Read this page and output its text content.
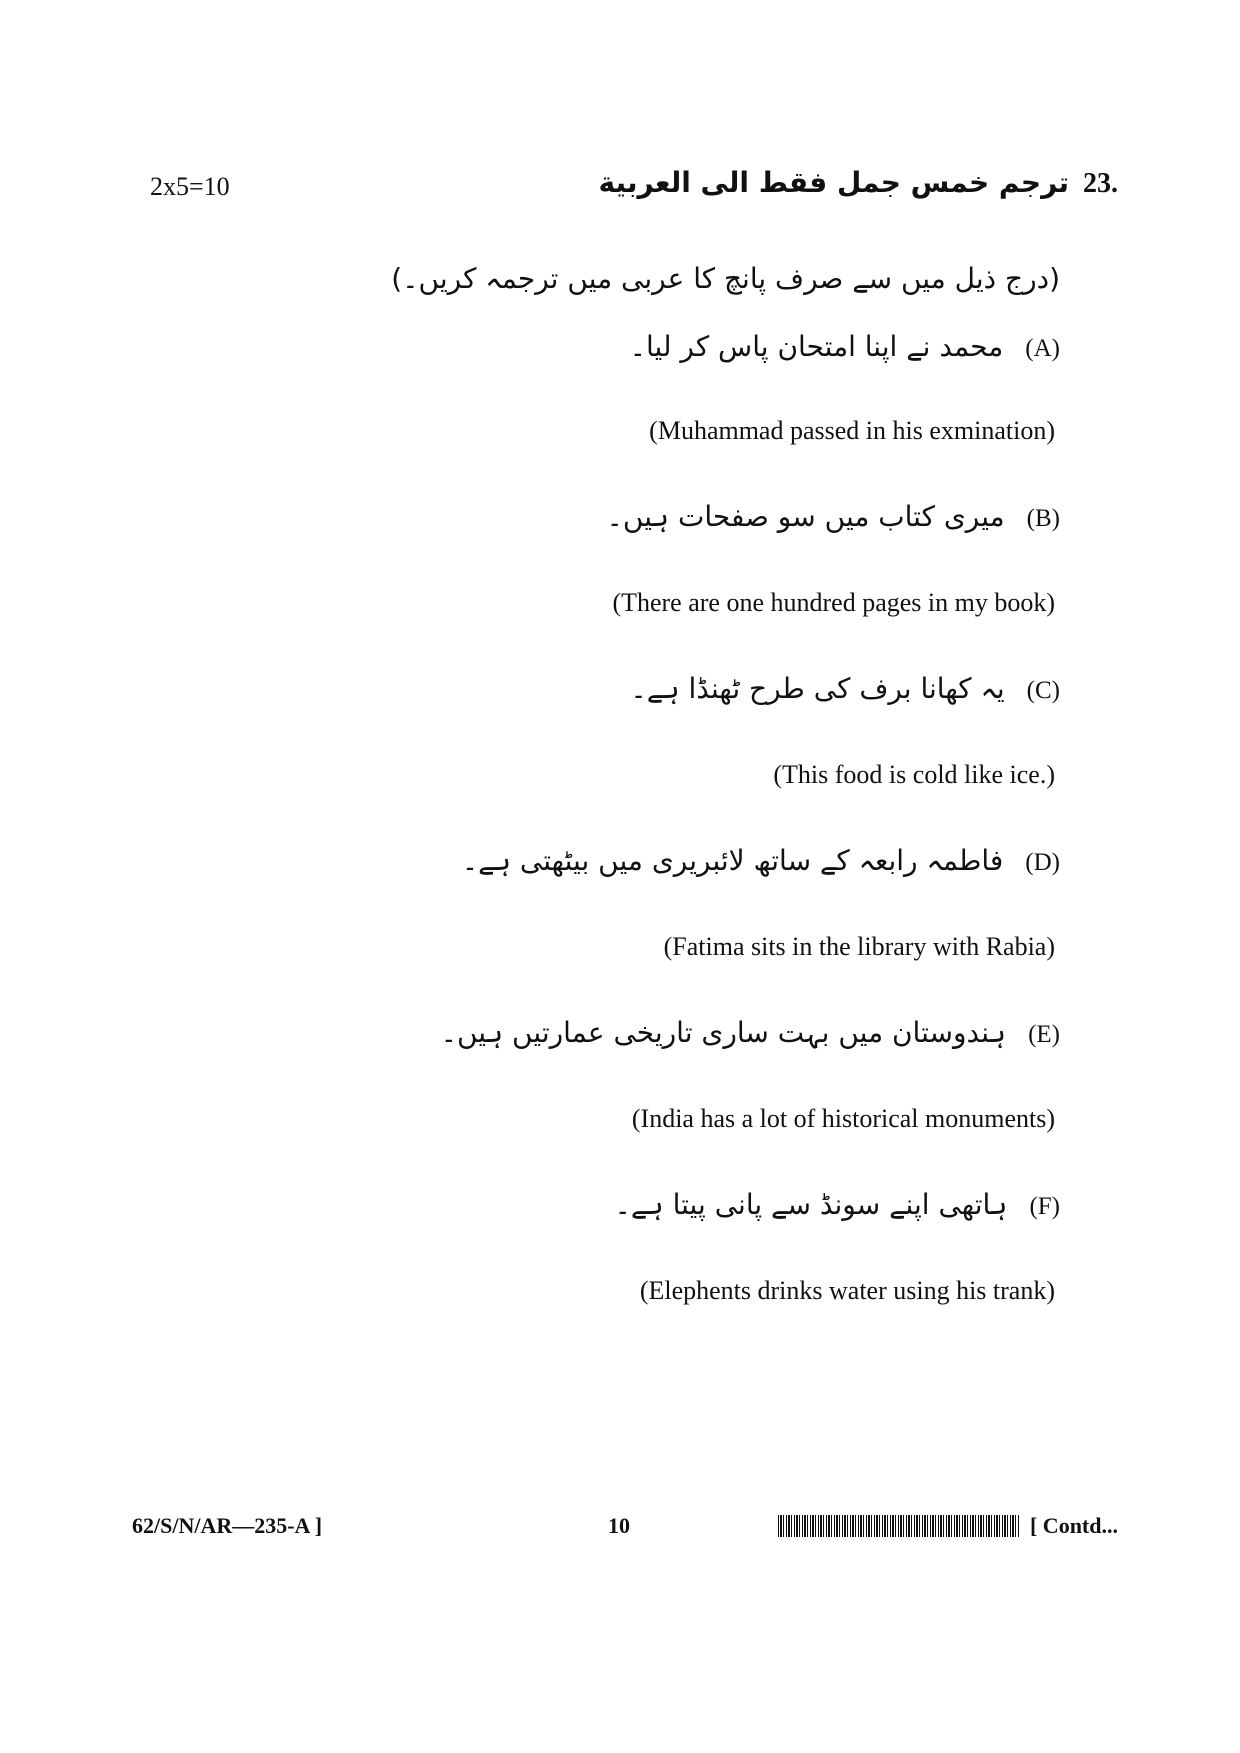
2x5=10	23.
ترجم خمس جمل فقط الى العربية
(درج ذیل میں سے صرف پانچ کا عربی میں ترجمہ کریں۔)
(A)
محمد نے اپنا امتحان پاس کر لیا۔
(Muhammad passed in his exmination)
(B)
میری کتاب میں سو صفحات ہیں۔
(There are one hundred pages in my book)
(C)
یہ کھانا برف کی طرح ٹھنڈا ہے۔
(This food is cold like ice.)
(D)
فاطمہ رابعہ کے ساتھ لائبریری میں بیٹھتی ہے۔
(Fatima sits in the library with Rabia)
(E)
ہندوستان میں بہت ساری تاریخی عمارتیں ہیں۔
(India has a lot of historical monuments)
(F)
ہاتھی اپنے سونڈ سے پانی پیتا ہے۔
(Elephents drinks water using his trank)
62/S/N/AR—235-A ]	10	[ Contd...
